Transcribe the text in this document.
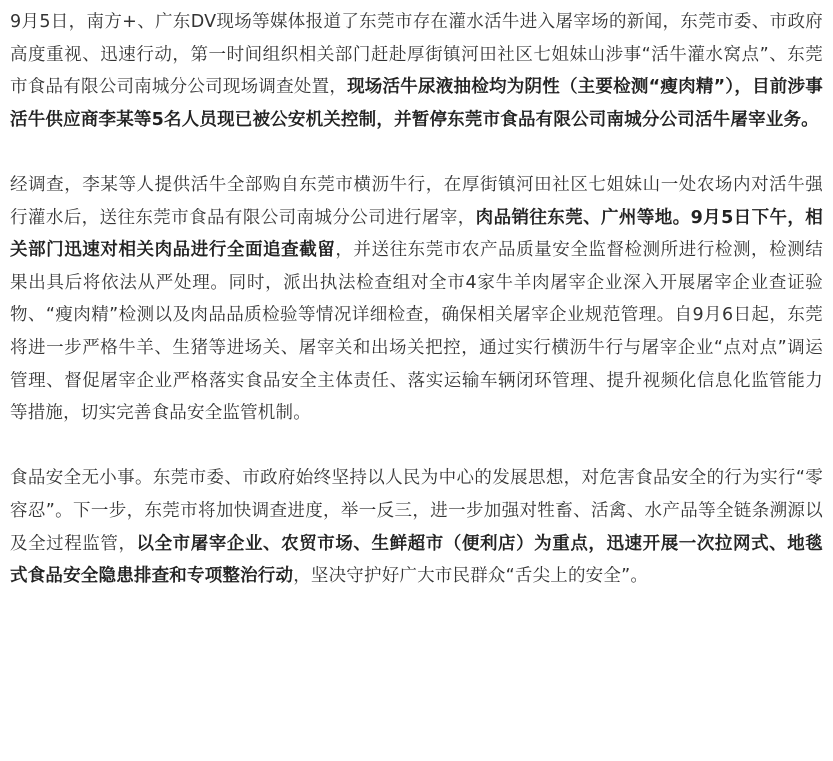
9月5日，南方+、广东DV现场等媒体报道了东莞市存在灌水活牛进入屠宰场的新闻，东莞市委、市政府高度重视、迅速行动，第一时间组织相关部门赶赴厚街镇河田社区七姐妹山涉事“活牛灌水窝点”、东莞市食品有限公司南城分公司现场调查处置，现场活牛尿液抽检均为阴性（主要检测“瘦肉精”），目前涉事活牛供应商李某等5名人员现已被公安机关控制，并暂停东莞市食品有限公司南城分公司活牛屠宰业务。

经调查，李某等人提供活牛全部购自东莞市横沥牛行，在厚街镇河田社区七姐妹山一处农场内对活牛强行灌水后，送往东莞市食品有限公司南城分公司进行屠宰，肉品销往东莞、广州等地。9月5日下午，相关部门迅速对相关肉品进行全面追查截留，并送往东莞市农产品质量安全监督检测所进行检测，检测结果出具后将依法从严处理。同时，派出执法检查组对全市4家牛羊肉屠宰企业深入开展屠宰企业查证验物、“瘦肉精”检测以及肉品品质检验等情况详细检查，确保相关屠宰企业规范管理。自9月6日起，东莞将进一步严格牛羊、生猪等进场关、屠宰关和出场关把控，通过实行横沥牛行与屠宰企业“点对点”调运管理、督促屠宰企业严格落实食品安全主体责任、落实运输车辆闭环管理、提升视频化信息化监管能力等措施，切实完善食品安全监管机制。

食品安全无小事。东莞市委、市政府始终坚持以人民为中心的发展思想，对危害食品安全的行为实行“零容忍”。下一步，东莞市将加快调查进度，举一反三，进一步加强对牲畜、活禽、水产品等全链条溯源以及全过程监管，以全市屠宰企业、农贸市场、生鲜超市（便利店）为重点，迅速开展一次拉网式、地毯式食品安全隐患排查和专项整治行动，坚决守护好广大市民群众“舌尖上的安全”。
